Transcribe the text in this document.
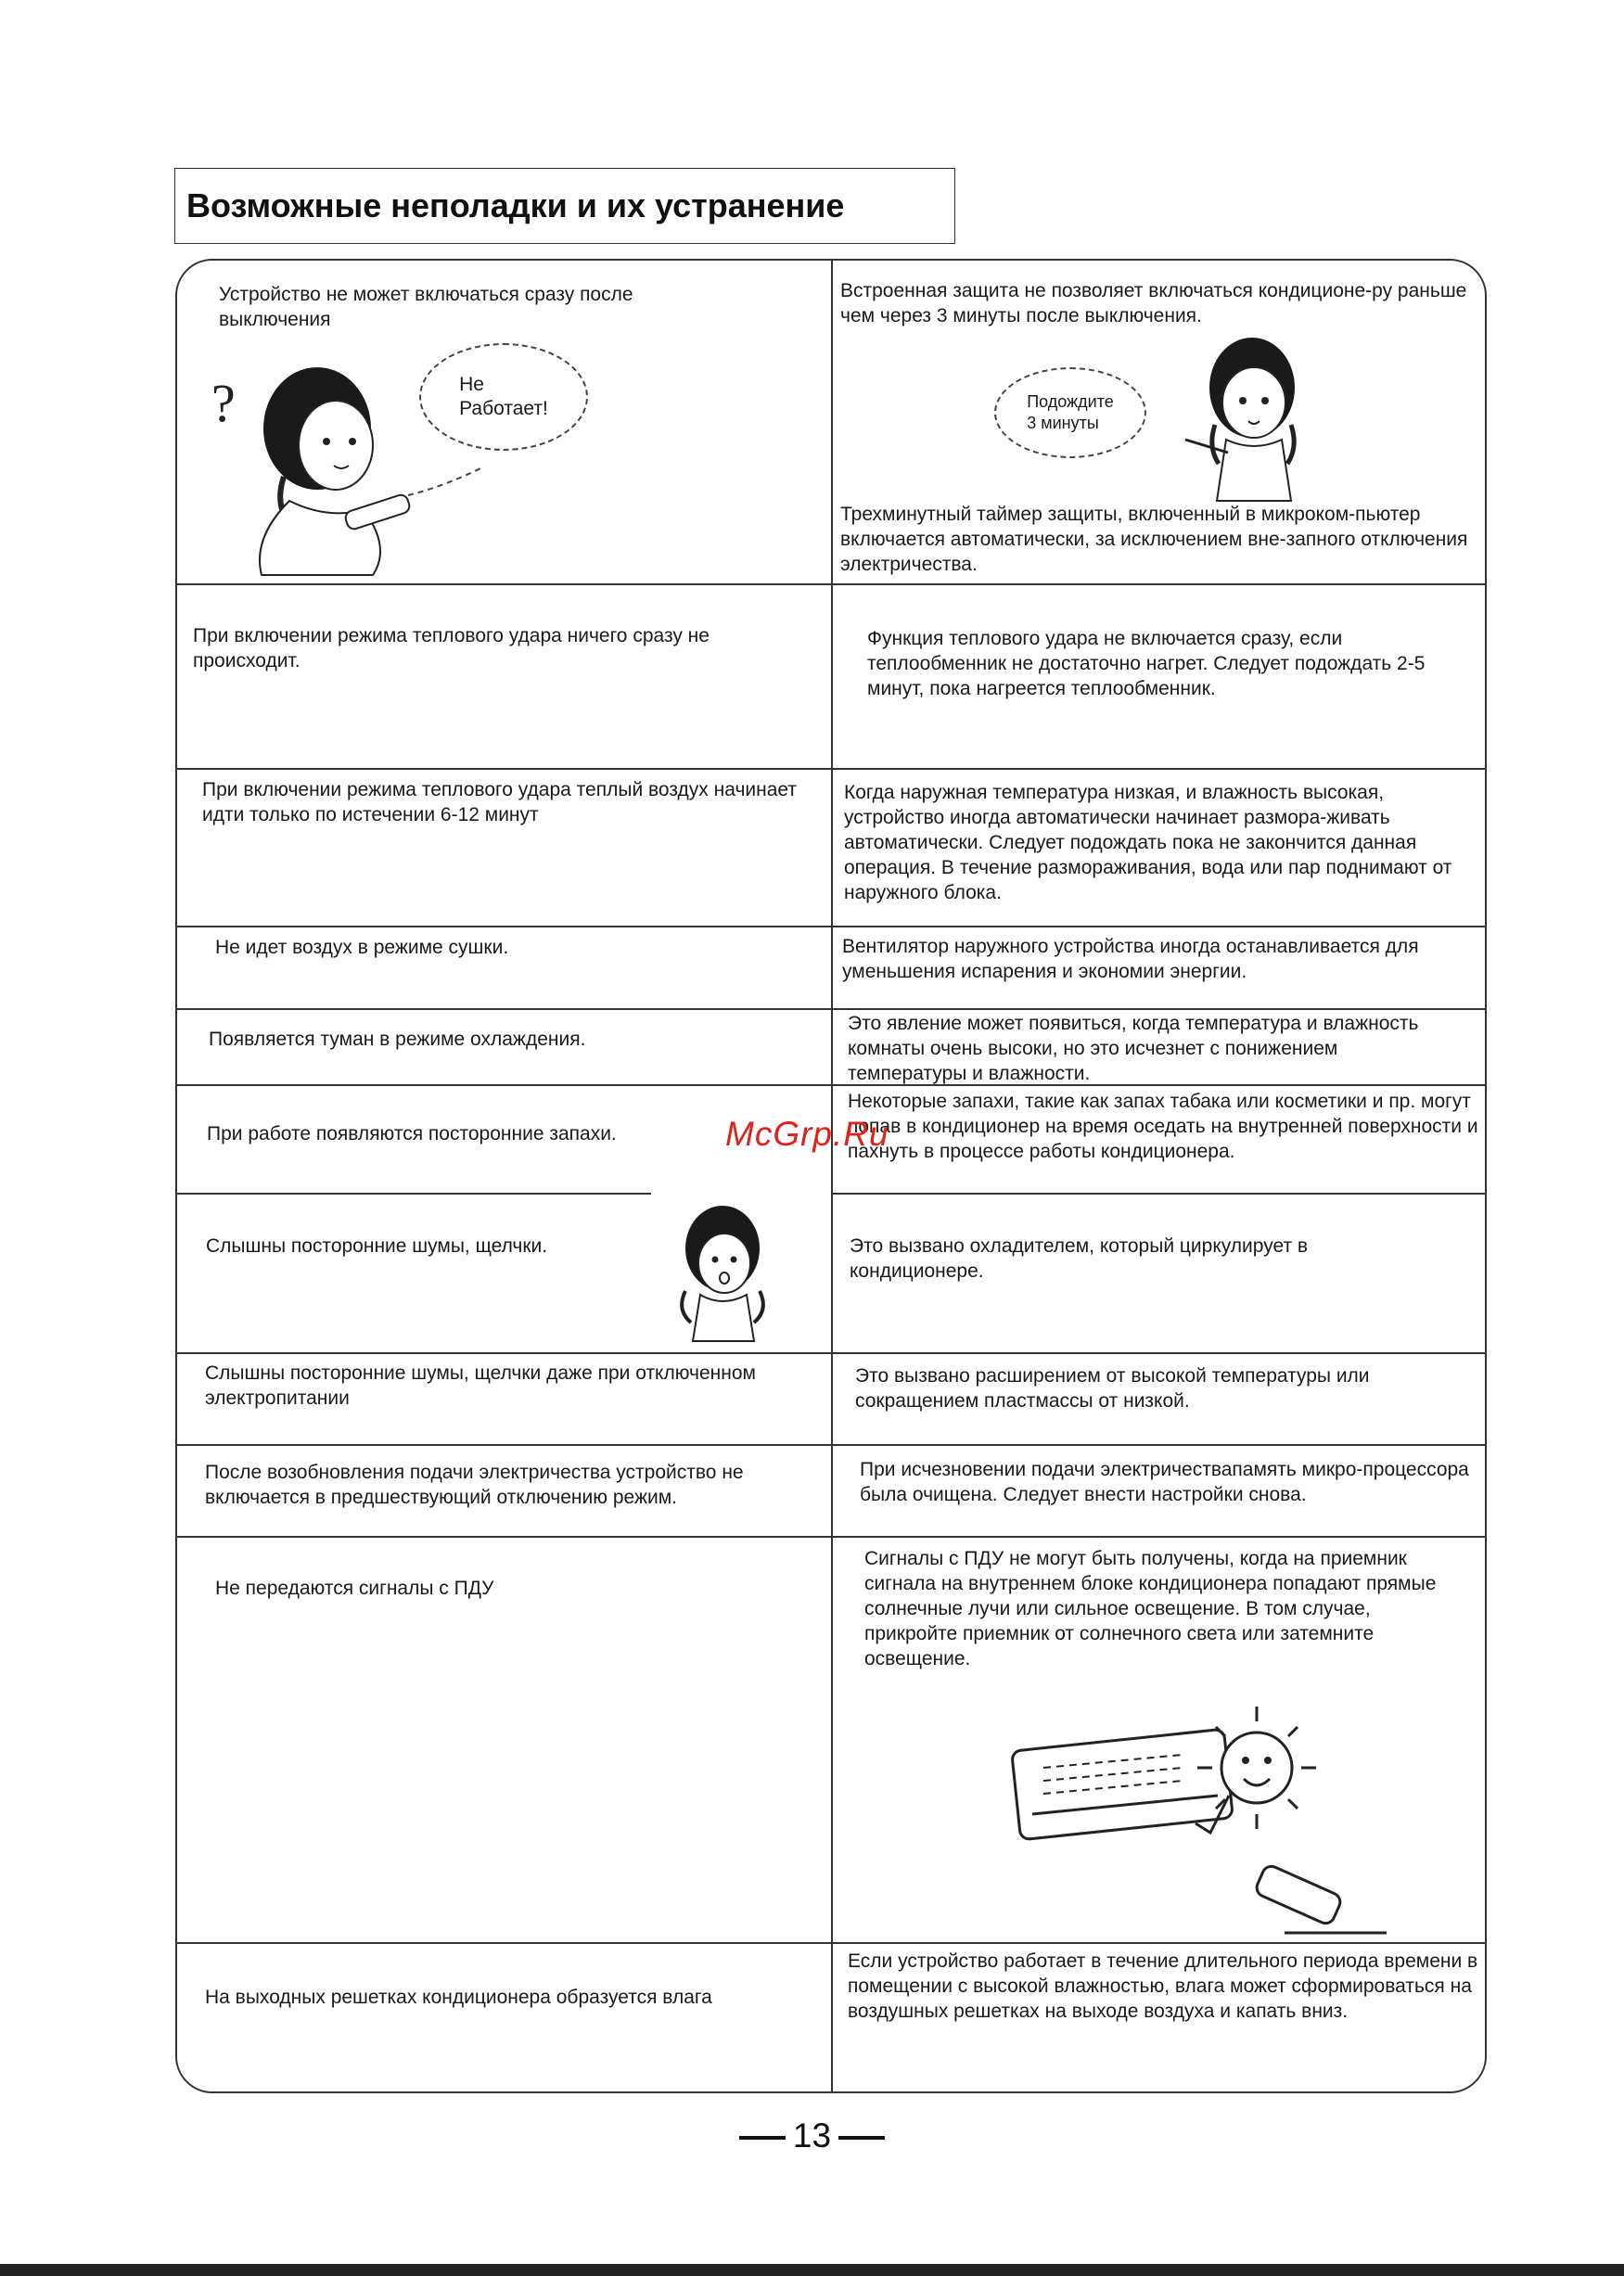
Возможные неполадки и их устранение

Устройство не может включаться сразу после выключения

Не
Работает!
?

Встроенная защита не позволяет включаться кондиционе-ру раньше чем через 3 минуты после выключения.

Подождите
3 минуты

Трехминутный таймер защиты, включенный в микроком-пьютер включается автоматически, за исключением вне-запного отключения электричества.

При включении режима теплового удара ничего сразу не происходит.

Функция теплового удара не включается сразу, если теплообменник не достаточно нагрет. Следует подождать 2-5 минут, пока нагреется теплообменник.

При включении режима теплового удара теплый воздух начинает идти только по истечении 6-12 минут

Когда наружная температура низкая, и влажность высокая, устройство иногда автоматически начинает размора-живать автоматически. Следует подождать пока не закончится данная операция. В течение размораживания, вода или пар поднимают от наружного блока.

Не идет воздух в режиме сушки.	Вентилятор наружного устройства иногда останавливается для уменьшения испарения и экономии энергии.

Появляется туман в режиме охлаждения.

Это явление может появиться, когда температура и влажность комнаты очень высоки, но это исчезнет с понижением температуры и влажности.

При работе появляются посторонние запахи.

Некоторые запахи, такие как запах табака или косметики и пр. могут попав в кондиционер на время оседать на внутренней поверхности и пахнуть в процессе работы кондиционера.

Слышны посторонние шумы, щелчки.	Это вызвано охладителем, который циркулирует в кондиционере.

Слышны посторонние шумы, щелчки даже при отключенном электропитании

Это вызвано расширением от высокой температуры или сокращением пластмассы от низкой.

После возобновления подачи электричества устройство не включается в предшествующий отключению режим.

При исчезновении подачи электричествапамять микро-процессора была очищена. Следует внести настройки снова.

Не передаются сигналы с ПДУ

Сигналы с ПДУ не могут быть получены, когда на приемник сигнала на внутреннем блоке кондиционера попадают прямые солнечные лучи или сильное освещение. В том случае, прикройте приемник от солнечного света или затемните освещение.

На выходных решетках кондиционера образуется влага

Если устройство работает в течение длительного периода времени в помещении с высокой влажностью, влага может сформироваться на воздушных решетках на выходе воздуха и капать вниз.

McGrp.Ru
13
